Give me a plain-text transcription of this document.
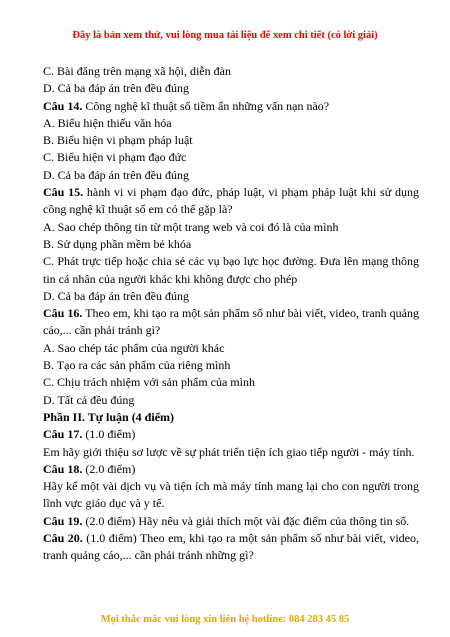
Đây là bản xem thử, vui lòng mua tài liệu để xem chi tiết (có lời giải)
C. Bài đăng trên mạng xã hội, diễn đàn
D. Cả ba đáp án trên đều đúng
Câu 14. Công nghệ kĩ thuật số tiềm ẩn những vấn nạn nào?
A. Biểu hiện thiếu văn hóa
B. Biểu hiện vi phạm pháp luật
C. Biểu hiện vi phạm đạo đức
D. Cả ba đáp án trên đều đúng
Câu 15. hành vi vi phạm đạo đức, pháp luật, vi phạm pháp luật khi sử dụng công nghệ kĩ thuật số em có thể gặp là?
A. Sao chép thông tin từ một trang web và coi đó là của mình
B. Sử dụng phần mềm bẻ khóa
C. Phát trực tiếp hoặc chia sẻ các vụ bạo lực học đường. Đưa lên mạng thông tin cá nhân của người khác khi không được cho phép
D. Cả ba đáp án trên đều đúng
Câu 16. Theo em, khi tạo ra một sản phẩm số như bài viết, video, tranh quảng cáo,... cần phải tránh gì?
A. Sao chép tác phẩm của người khác
B. Tạo ra các sản phẩm của riêng mình
C. Chịu trách nhiệm với sản phẩm của mình
D. Tất cả đều đúng
Phần II. Tự luận (4 điểm)
Câu 17. (1.0 điểm)
Em hãy giới thiệu sơ lược về sự phát triển tiện ích giao tiếp người - máy tính.
Câu 18. (2.0 điểm)
Hãy kể một vài dịch vụ và tiện ích mà máy tính mang lại cho con người trong lĩnh vực giáo dục và y tế.
Câu 19. (2.0 điểm) Hãy nêu và giải thích một vài đặc điểm của thông tin số.
Câu 20. (1.0 điểm) Theo em, khi tạo ra một sản phẩm số như bài viết, video, tranh quảng cáo,... cần phải tránh những gì?
Mọi thắc mắc vui lòng xin liên hệ hotline: 084 283 45 85
